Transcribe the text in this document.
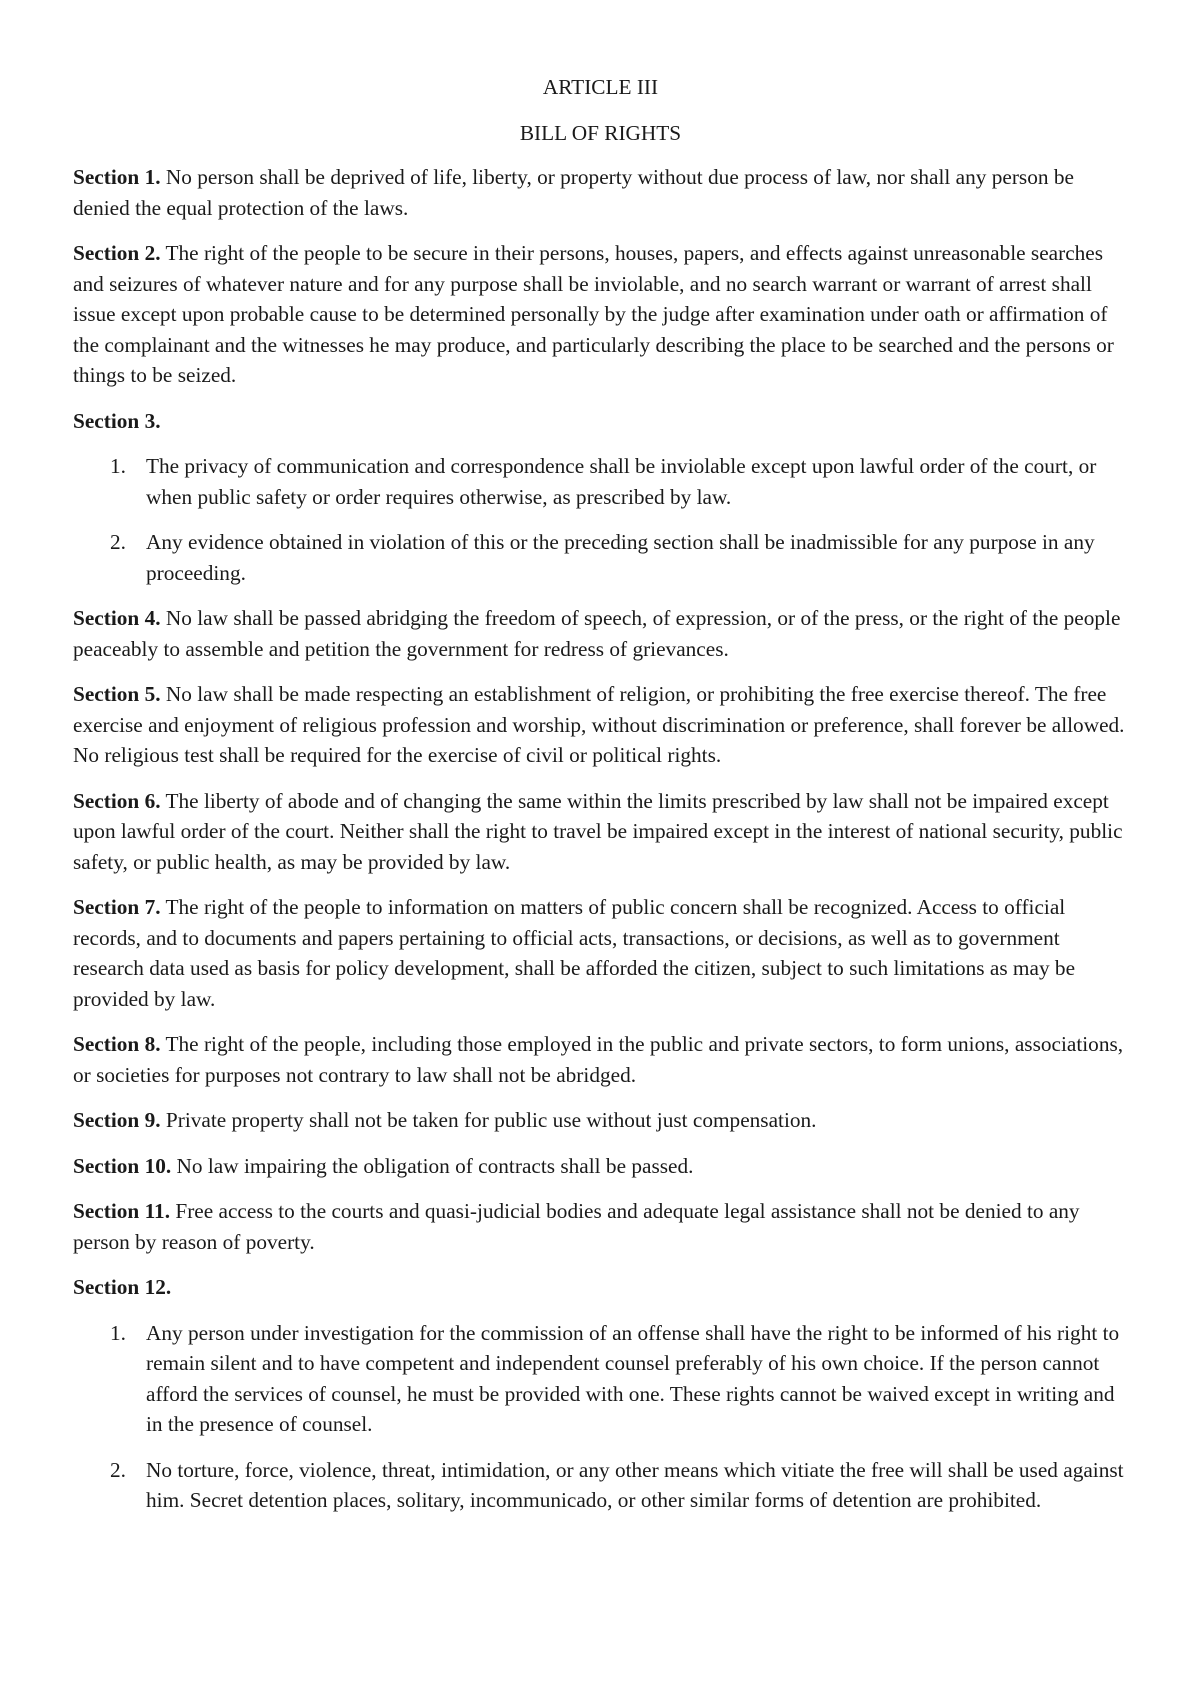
ARTICLE III

BILL OF RIGHTS

Section 1. No person shall be deprived of life, liberty, or property without due process of law, nor shall any person be denied the equal protection of the laws.

Section 2. The right of the people to be secure in their persons, houses, papers, and effects against unreasonable searches and seizures of whatever nature and for any purpose shall be inviolable, and no search warrant or warrant of arrest shall issue except upon probable cause to be determined personally by the judge after examination under oath or affirmation of the complainant and the witnesses he may produce, and particularly describing the place to be searched and the persons or things to be seized.

Section 3.

1. The privacy of communication and correspondence shall be inviolable except upon lawful order of the court, or when public safety or order requires otherwise, as prescribed by law.
2. Any evidence obtained in violation of this or the preceding section shall be inadmissible for any purpose in any proceeding.

Section 4. No law shall be passed abridging the freedom of speech, of expression, or of the press, or the right of the people peaceably to assemble and petition the government for redress of grievances.

Section 5. No law shall be made respecting an establishment of religion, or prohibiting the free exercise thereof. The free exercise and enjoyment of religious profession and worship, without discrimination or preference, shall forever be allowed. No religious test shall be required for the exercise of civil or political rights.

Section 6. The liberty of abode and of changing the same within the limits prescribed by law shall not be impaired except upon lawful order of the court. Neither shall the right to travel be impaired except in the interest of national security, public safety, or public health, as may be provided by law.

Section 7. The right of the people to information on matters of public concern shall be recognized. Access to official records, and to documents and papers pertaining to official acts, transactions, or decisions, as well as to government research data used as basis for policy development, shall be afforded the citizen, subject to such limitations as may be provided by law.

Section 8. The right of the people, including those employed in the public and private sectors, to form unions, associations, or societies for purposes not contrary to law shall not be abridged.

Section 9. Private property shall not be taken for public use without just compensation.

Section 10. No law impairing the obligation of contracts shall be passed.

Section 11. Free access to the courts and quasi-judicial bodies and adequate legal assistance shall not be denied to any person by reason of poverty.

Section 12.

1. Any person under investigation for the commission of an offense shall have the right to be informed of his right to remain silent and to have competent and independent counsel preferably of his own choice. If the person cannot afford the services of counsel, he must be provided with one. These rights cannot be waived except in writing and in the presence of counsel.
2. No torture, force, violence, threat, intimidation, or any other means which vitiate the free will shall be used against him. Secret detention places, solitary, incommunicado, or other similar forms of detention are prohibited.
